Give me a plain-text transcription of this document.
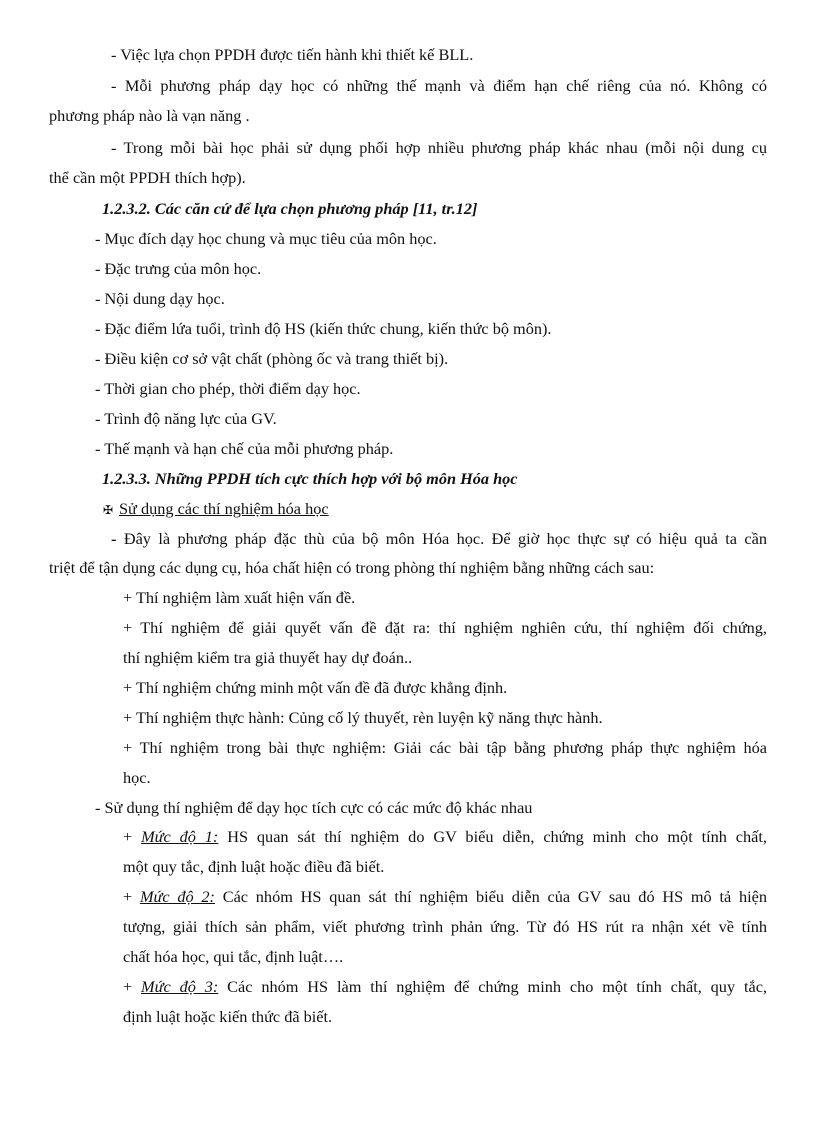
- Việc lựa chọn PPDH được tiến hành khi thiết kế BLL.
- Mỗi phương pháp dạy học có những thế mạnh và điểm hạn chế riêng của nó. Không có
phương pháp nào là vạn năng .
- Trong mỗi bài học phải sử dụng phối hợp nhiều phương pháp khác nhau (mỗi nội dung cụ
thể cần một PPDH thích hợp).
1.2.3.2. Các căn cứ để lựa chọn phương pháp [11, tr.12]
- Mục đích dạy học chung và mục tiêu của môn học.
- Đặc trưng của môn học.
- Nội dung dạy học.
- Đặc điểm lứa tuổi, trình độ HS (kiến thức chung, kiến thức bộ môn).
- Điều kiện cơ sở vật chất (phòng ốc và trang thiết bị).
- Thời gian cho phép, thời điểm dạy học.
- Trình độ năng lực của GV.
- Thế mạnh và hạn chế của mỗi phương pháp.
1.2.3.3. Những PPDH tích cực thích hợp với bộ môn Hóa học
✠ Sử dụng các thí nghiệm hóa học
- Đây là phương pháp đặc thù của bộ môn Hóa học. Để giờ học thực sự có hiệu quả ta cần
triệt để tận dụng các dụng cụ, hóa chất hiện có trong phòng thí nghiệm bằng những cách sau:
+ Thí nghiệm làm xuất hiện vấn đề.
+ Thí nghiệm để giải quyết vấn đề đặt ra: thí nghiệm nghiên cứu, thí nghiệm đối chứng,
thí nghiệm kiểm tra giả thuyết hay dự đoán..
+ Thí nghiệm chứng minh một vấn đề đã được khẳng định.
+ Thí nghiệm thực hành: Củng cố lý thuyết, rèn luyện kỹ năng thực hành.
+ Thí nghiệm trong bài thực nghiệm: Giải các bài tập bằng phương pháp thực nghiệm hóa
học.
- Sử dụng thí nghiệm để dạy học tích cực có các mức độ khác nhau
+ Mức độ 1: HS quan sát thí nghiệm do GV biểu diễn, chứng minh cho một tính chất,
một quy tắc, định luật hoặc điều đã biết.
+ Mức độ 2: Các nhóm HS quan sát thí nghiệm biểu diễn của GV sau đó HS mô tả hiện
tượng, giải thích sản phẩm, viết phương trình phản ứng. Từ đó HS rút ra nhận xét về tính
chất hóa học, qui tắc, định luật….
+ Mức độ 3: Các nhóm HS làm thí nghiệm để chứng minh cho một tính chất, quy tắc,
định luật hoặc kiến thức đã biết.
